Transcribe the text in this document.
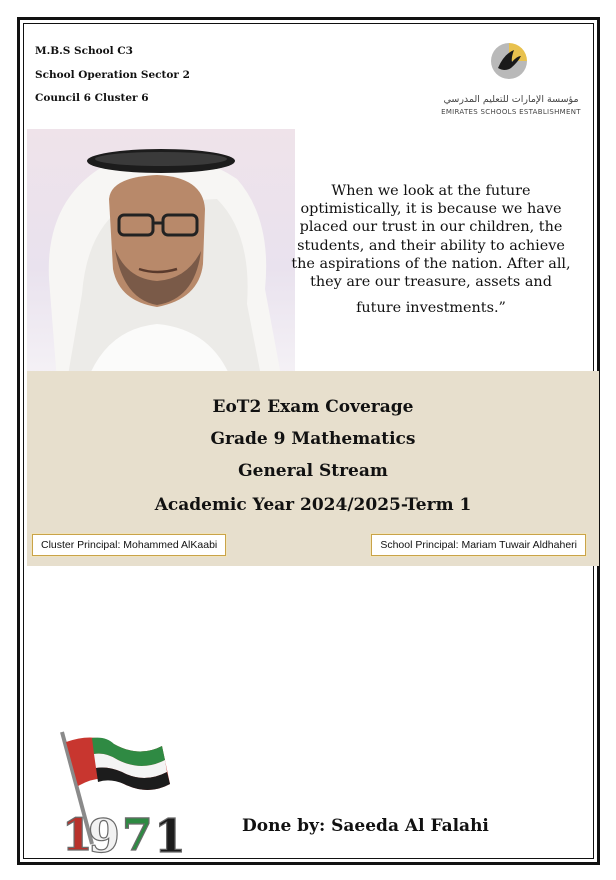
M.B.S School C3
School Operation Sector 2
Council 6 Cluster 6	مؤسسة الإمارات للتعليم المدرسي
EMIRATES SCHOOLS ESTABLISHMENT
When we look at the future
optimistically, it is because we have
placed our trust in our children, the
students, and their ability to achieve
the aspirations of the nation. After all,
they are our treasure, assets and
future investments.”
EoT2 Exam Coverage
Grade 9 Mathematics
General Stream
Academic Year 2024/2025-Term 1
Cluster Principal: Mohammed AlKaabi	School Principal: Mariam Tuwair Aldhaheri
1
9 7 1	Done by: Saeeda Al Falahi
